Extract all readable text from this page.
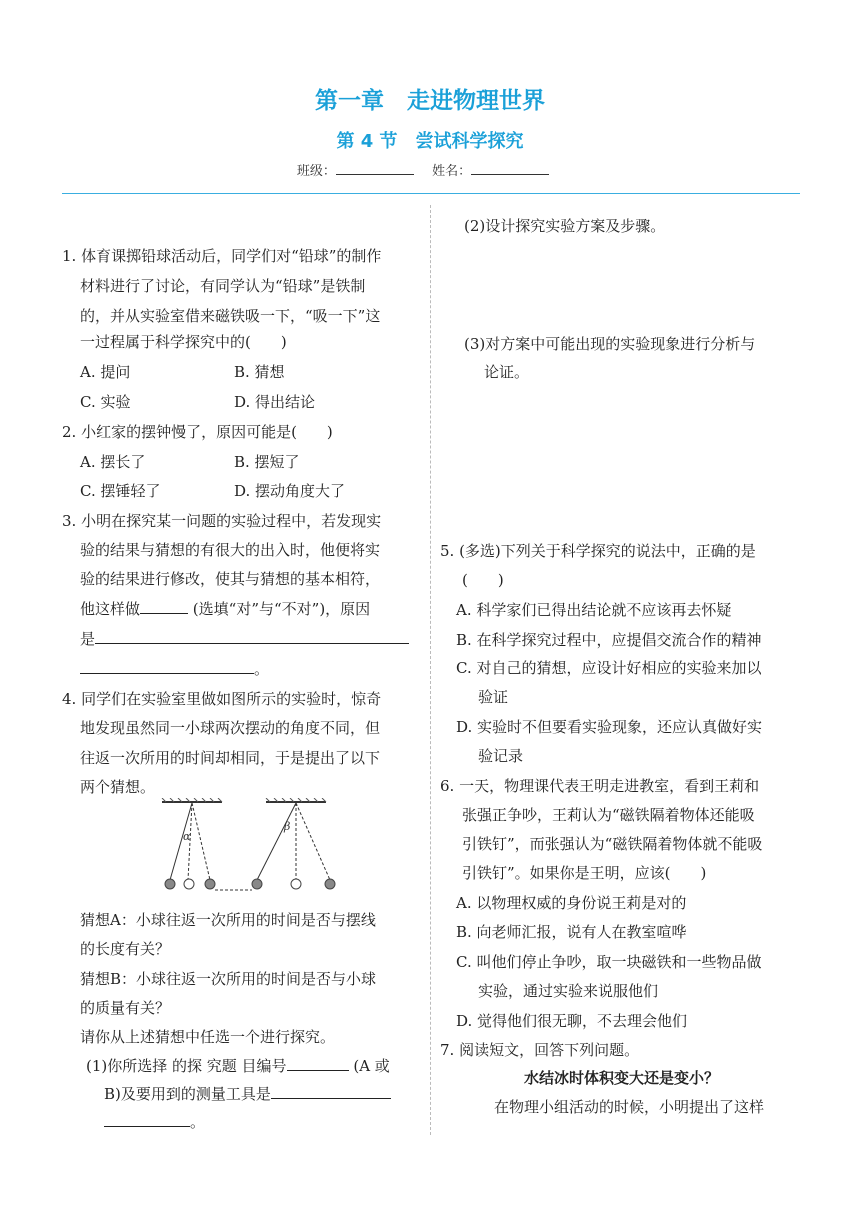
第一章　走进物理世界
第 4 节　尝试科学探究
班级：	姓名：
1. 体育课掷铅球活动后，同学们对“铅球”的制作
材料进行了讨论，有同学认为“铅球”是铁制
的，并从实验室借来磁铁吸一下，“吸一下”这
一过程属于科学探究中的(　　)
A. 提问	B. 猜想
C. 实验	D. 得出结论
2. 小红家的摆钟慢了，原因可能是(　　)
A. 摆长了	B. 摆短了
C. 摆锤轻了	D. 摆动角度大了
3. 小明在探究某一问题的实验过程中，若发现实
验的结果与猜想的有很大的出入时，他便将实
验的结果进行修改，使其与猜想的基本相符，
他这样做	(选填“对”与“不对”)，原因
是
。
4. 同学们在实验室里做如图所示的实验时，惊奇
地发现虽然同一小球两次摆动的角度不同，但
往返一次所用的时间却相同，于是提出了以下
两个猜想。
α
β
猜想A：小球往返一次所用的时间是否与摆线
的长度有关？
猜想B：小球往返一次所用的时间是否与小球
的质量有关？
请你从上述猜想中任选一个进行探究。
(1)你所选择 的探 究题 目编号	(A 或
B)及要用到的测量工具是
。
(2)设计探究实验方案及步骤。
(3)对方案中可能出现的实验现象进行分析与
论证。
5. (多选)下列关于科学探究的说法中，正确的是
(　　)
A. 科学家们已得出结论就不应该再去怀疑
B. 在科学探究过程中，应提倡交流合作的精神
C. 对自己的猜想，应设计好相应的实验来加以
验证
D. 实验时不但要看实验现象，还应认真做好实
验记录
6. 一天，物理课代表王明走进教室，看到王莉和
张强正争吵，王莉认为“磁铁隔着物体还能吸
引铁钉”，而张强认为“磁铁隔着物体就不能吸
引铁钉”。如果你是王明，应该(　　)
A. 以物理权威的身份说王莉是对的
B. 向老师汇报，说有人在教室喧哗
C. 叫他们停止争吵，取一块磁铁和一些物品做
实验，通过实验来说服他们
D. 觉得他们很无聊，不去理会他们
7. 阅读短文，回答下列问题。
水结冰时体积变大还是变小？
在物理小组活动的时候，小明提出了这样
